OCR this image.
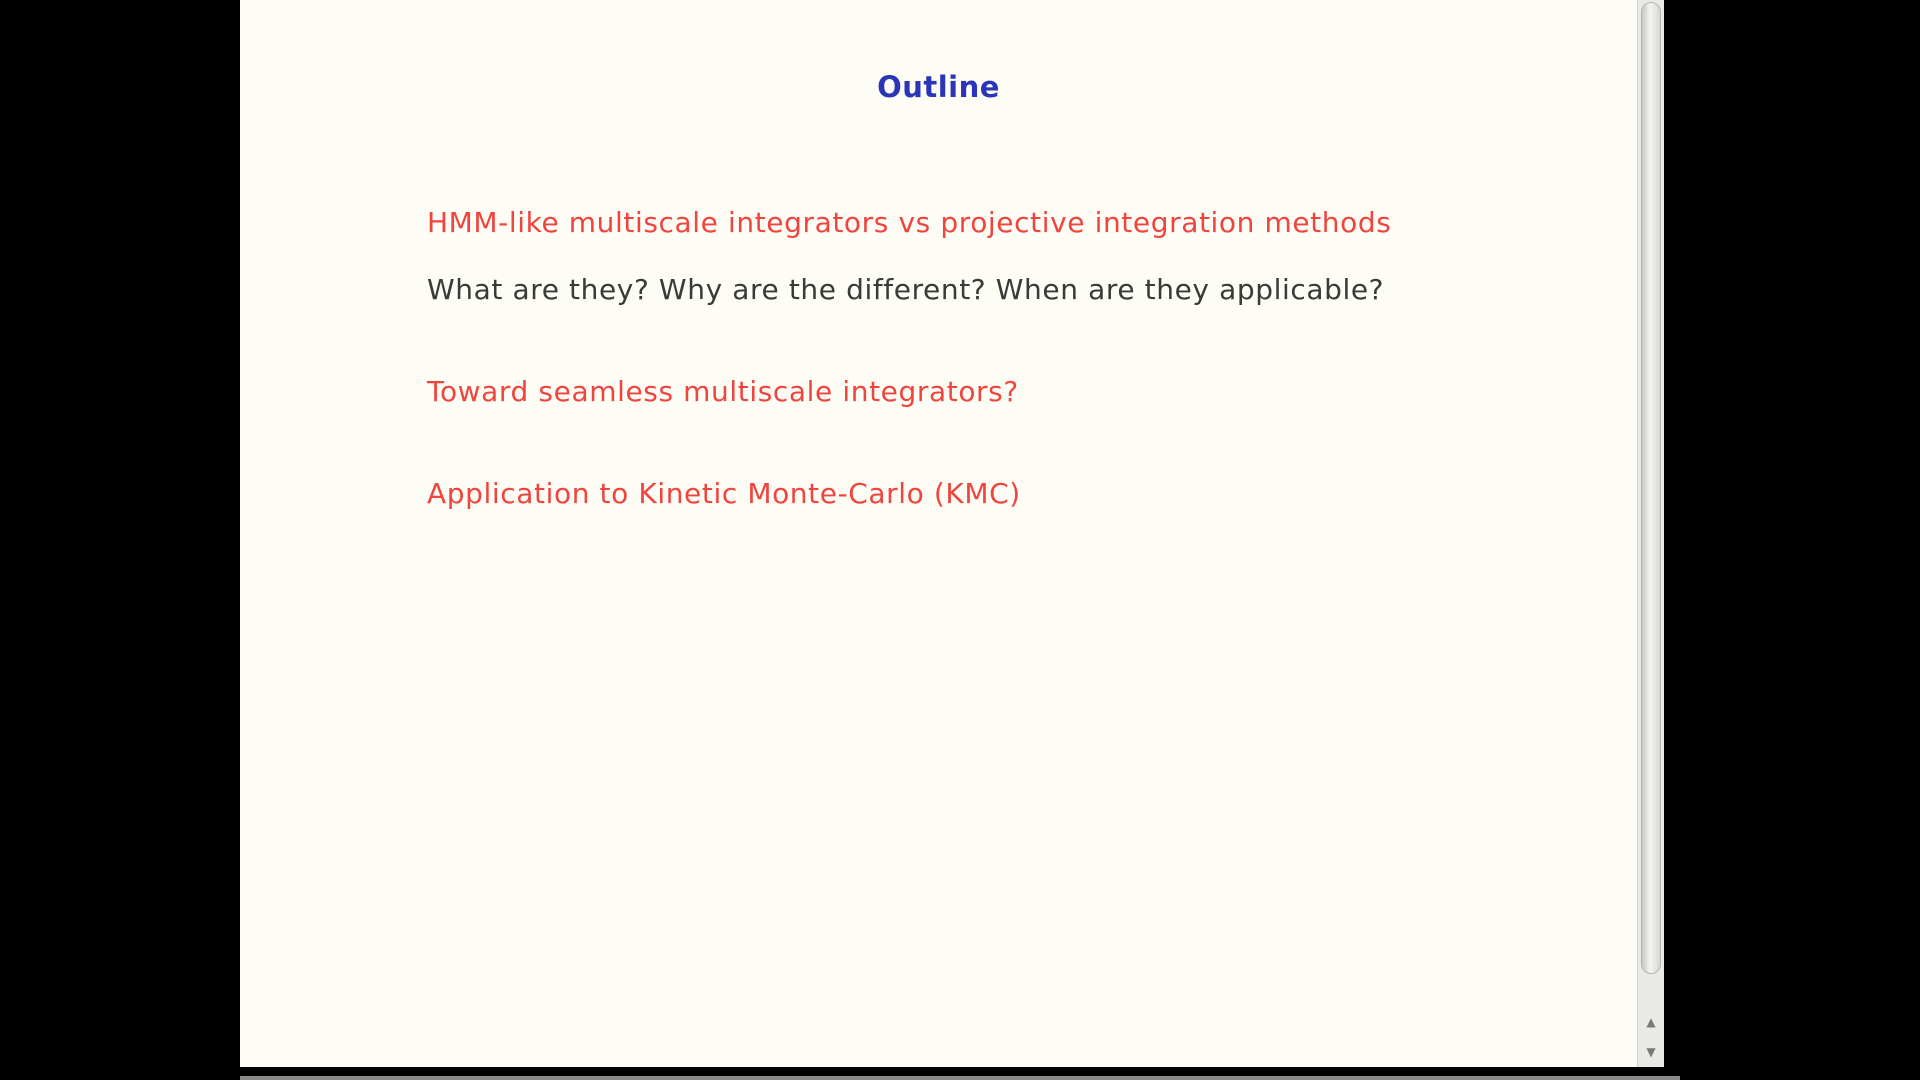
Outline
HMM-like multiscale integrators vs projective integration methods
What are they? Why are the different? When are they applicable?
Toward seamless multiscale integrators?
Application to Kinetic Monte-Carlo (KMC)
▲
▼
